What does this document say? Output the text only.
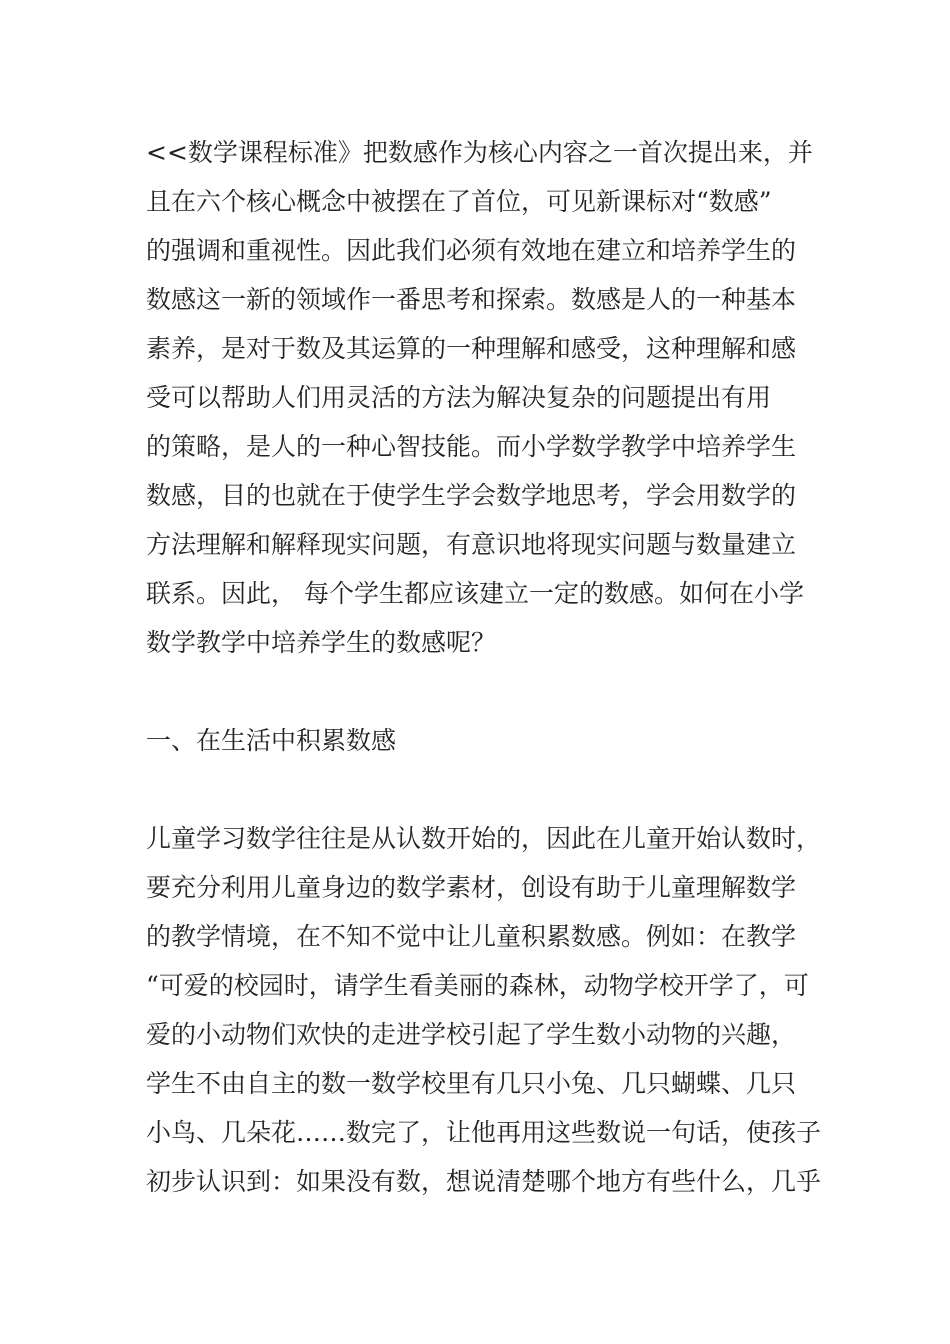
<<数学课程标准》把数感作为核心内容之一首次提出来，并
且在六个核心概念中被摆在了首位，可见新课标对“数感”
的强调和重视性。因此我们必须有效地在建立和培养学生的
数感这一新的领域作一番思考和探索。数感是人的一种基本
素养，是对于数及其运算的一种理解和感受，这种理解和感
受可以帮助人们用灵活的方法为解决复杂的问题提出有用
的策略，是人的一种心智技能。而小学数学教学中培养学生
数感，目的也就在于使学生学会数学地思考，学会用数学的
方法理解和解释现实问题，有意识地将现实问题与数量建立
联系。因此， 每个学生都应该建立一定的数感。如何在小学
数学教学中培养学生的数感呢？
一、在生活中积累数感
儿童学习数学往往是从认数开始的，因此在儿童开始认数时，
要充分利用儿童身边的数学素材，创设有助于儿童理解数学
的教学情境，在不知不觉中让儿童积累数感。例如：在教学
“可爱的校园时，请学生看美丽的森林，动物学校开学了，可
爱的小动物们欢快的走进学校引起了学生数小动物的兴趣，
学生不由自主的数一数学校里有几只小兔、几只蝴蝶、几只
小鸟、几朵花……数完了，让他再用这些数说一句话，使孩子
初步认识到：如果没有数，想说清楚哪个地方有些什么，几乎
